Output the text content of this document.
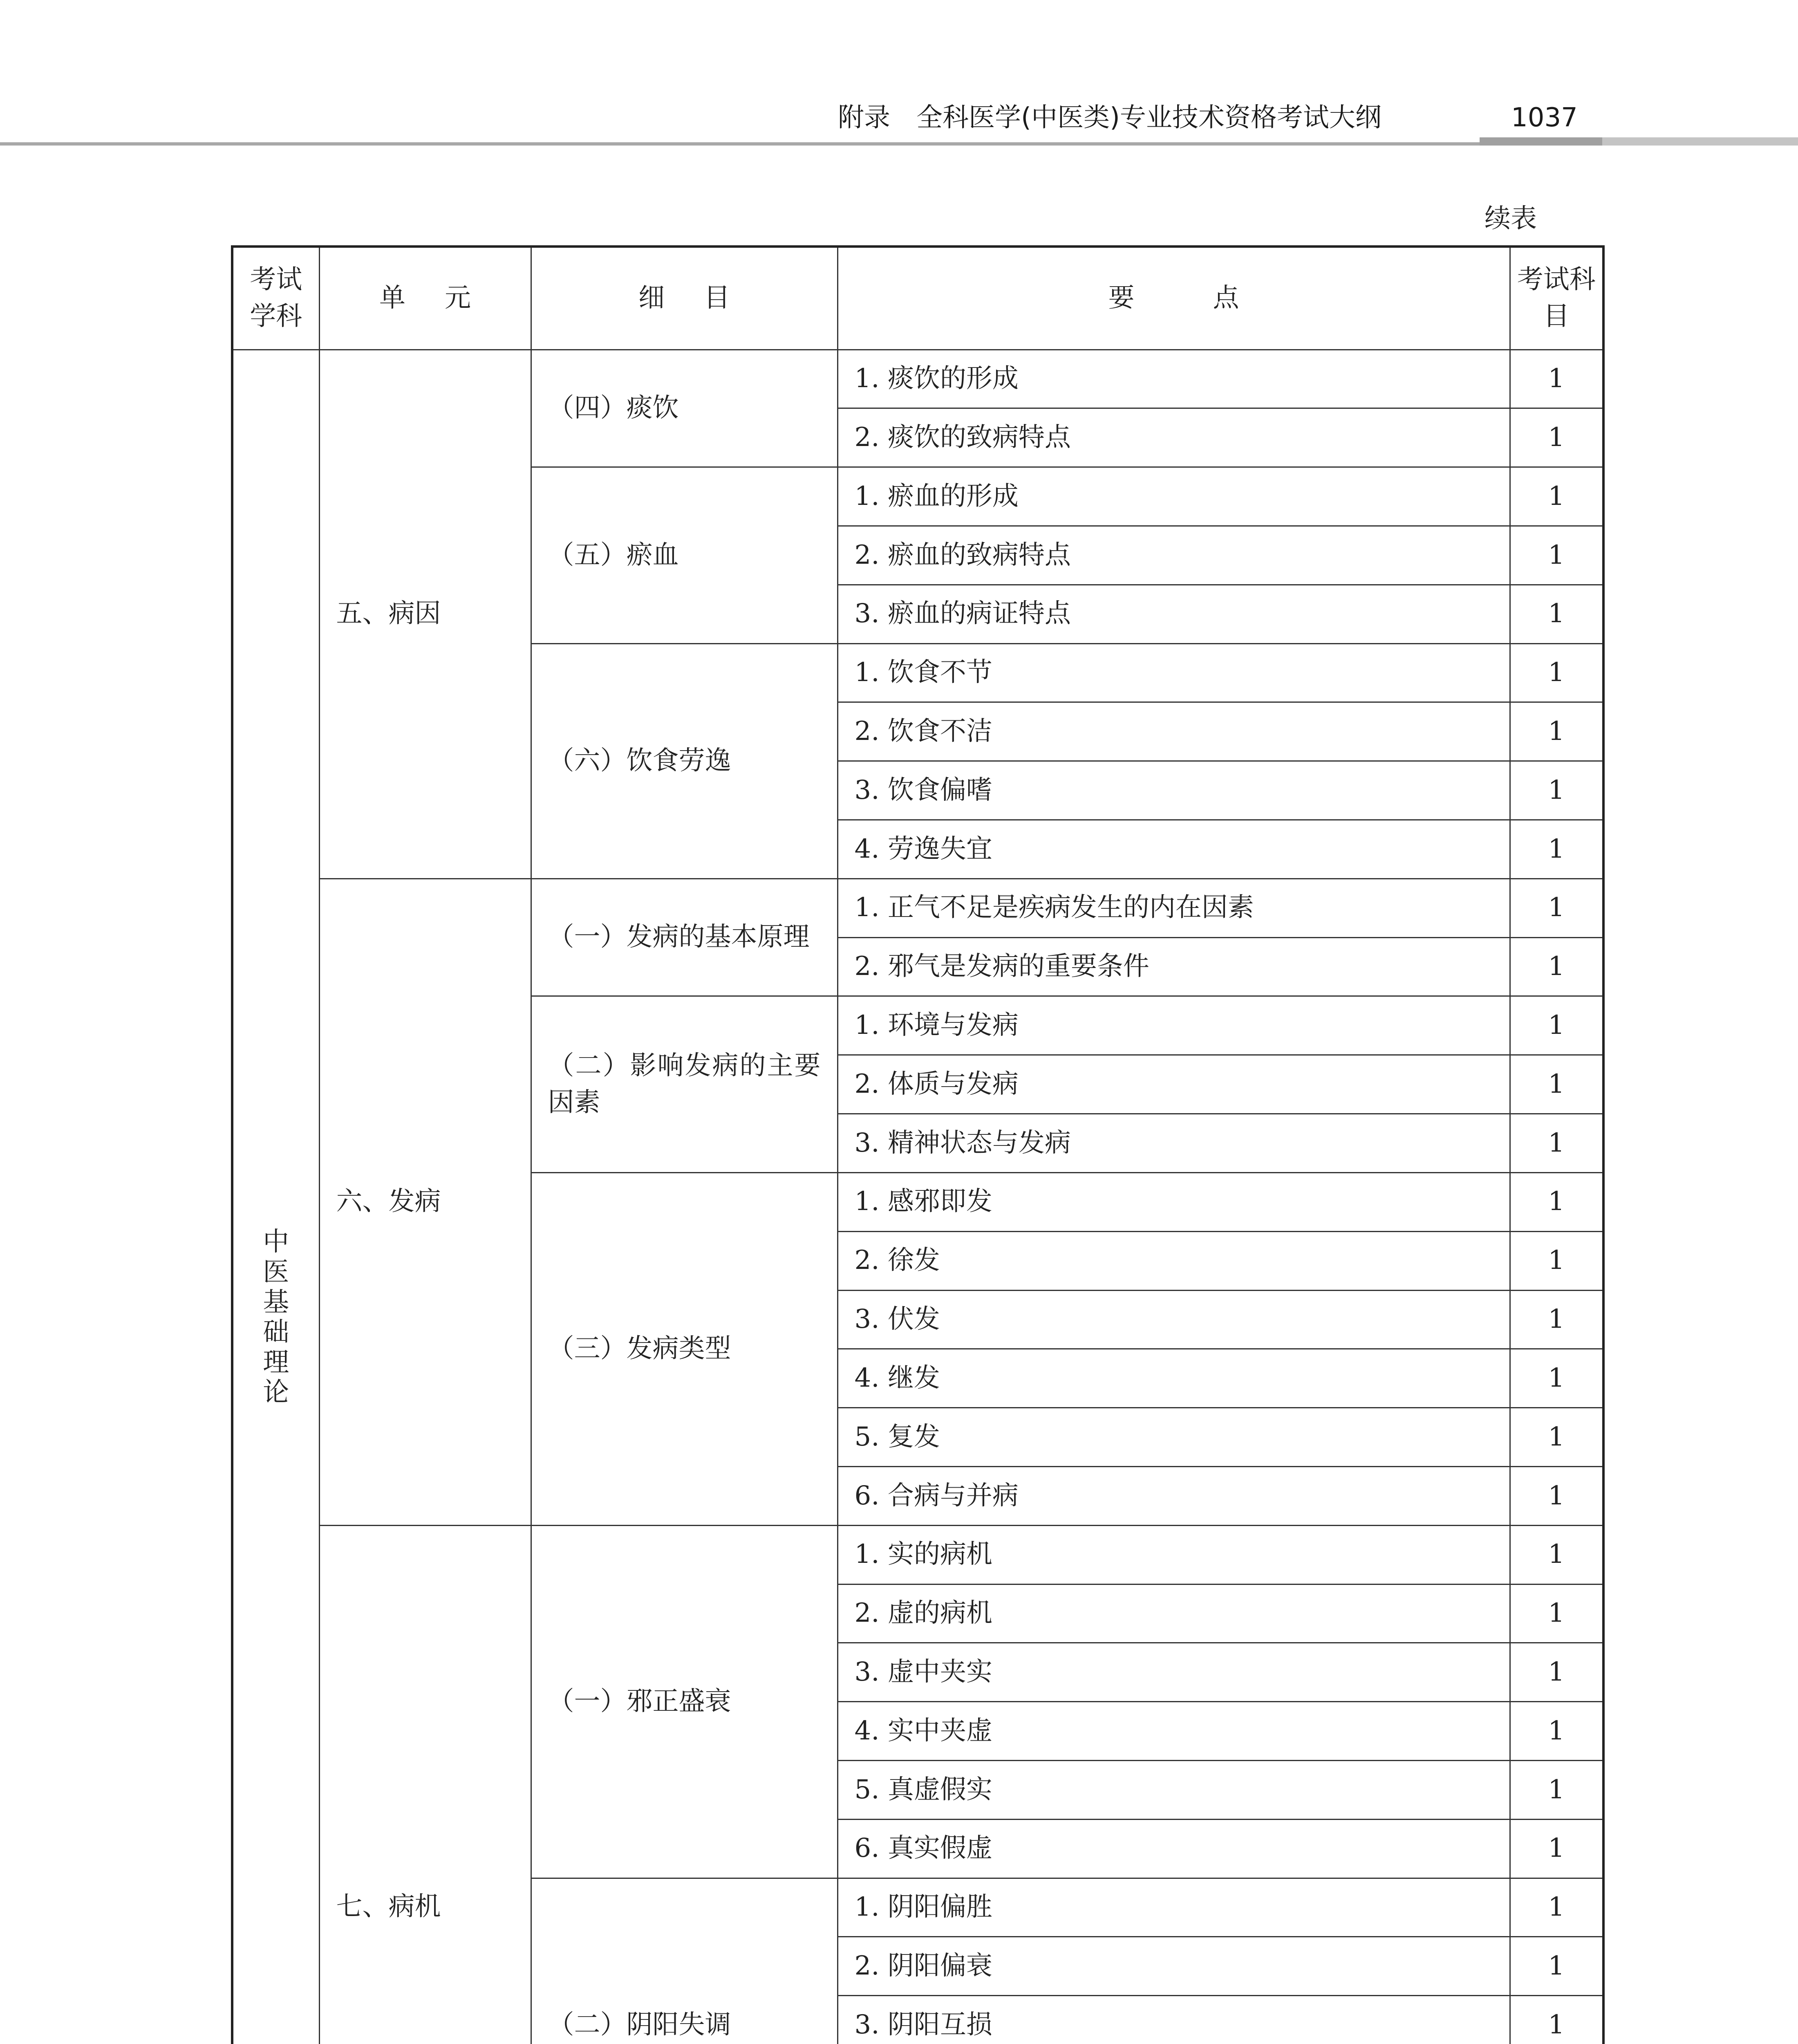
附录　全科医学(中医类)专业技术资格考试大纲	1037
续表
考试学科	单元	细目	要点	考试科目
中医基础理论	五、病因	（四）痰饮	1. 痰饮的形成	1
			2. 痰饮的致病特点	1
		（五）瘀血	1. 瘀血的形成	1
			2. 瘀血的致病特点	1
			3. 瘀血的病证特点	1
		（六）饮食劳逸	1. 饮食不节	1
			2. 饮食不洁	1
			3. 饮食偏嗜	1
			4. 劳逸失宜	1
	六、发病	（一）发病的基本原理	1. 正气不足是疾病发生的内在因素	1
			2. 邪气是发病的重要条件	1
		（二）影响发病的主要因素	1. 环境与发病	1
			2. 体质与发病	1
			3. 精神状态与发病	1
		（三）发病类型	1. 感邪即发	1
			2. 徐发	1
			3. 伏发	1
			4. 继发	1
			5. 复发	1
			6. 合病与并病	1
	七、病机	（一）邪正盛衰	1. 实的病机	1
			2. 虚的病机	1
			3. 虚中夹实	1
			4. 实中夹虚	1
			5. 真虚假实	1
			6. 真实假虚	1
		（二）阴阳失调	1. 阴阳偏胜	1
			2. 阴阳偏衰	1
			3. 阴阳互损	1
